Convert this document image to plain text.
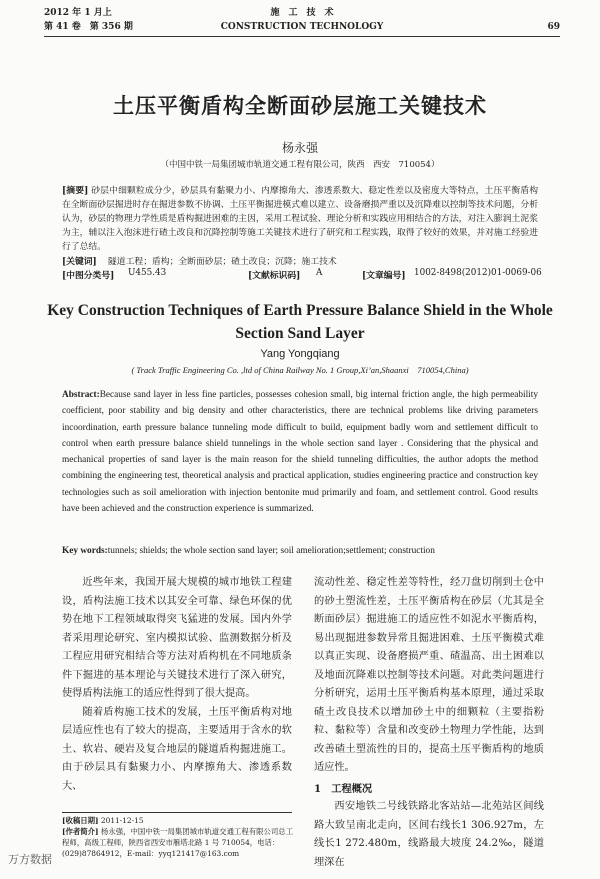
2012 年 1 月上	施　工　技　术
第 41 卷　第 356 期	CONSTRUCTION TECHNOLOGY	69
土压平衡盾构全断面砂层施工关键技术
杨永强
（中国中铁一局集团城市轨道交通工程有限公司，陕西　西安　710054）
[摘要] 砂层中细颗粒成分少，砂层具有黏聚力小、内摩擦角大、渗透系数大、稳定性差以及密度大等特点，土压平衡盾构在全断面砂层掘进时存在掘进参数不协调、土压平衡掘进模式难以建立、设备磨损严重以及沉降难以控制等技术问题，分析认为，砂层的物理力学性质是盾构掘进困难的主因，采用工程试验、理论分析和实践应用相结合的方法，对注入膨润土泥浆为主，辅以注入泡沫进行碴土改良和沉降控制等施工关键技术进行了研究和工程实践，取得了较好的效果，并对施工经验进行了总结。
[关键词] 隧道工程；盾构；全断面砂层；碴土改良；沉降；施工技术
[中图分类号] U455.43	[文献标识码] A	[文章编号] 1002-8498(2012)01-0069-06
Key Construction Techniques of Earth Pressure Balance Shield in the Whole Section Sand Layer
Yang Yongqiang
( Track Traffic Engineering Co. ,ltd of China Railway No. 1 Group,Xi’an,Shaanxi　710054,China)
Abstract:Because sand layer in less fine particles, possesses cohesion small, big internal friction angle, the high permeability coefficient, poor stability and big density and other characteristics, there are technical problems like driving parameters incoordination, earth pressure balance tunneling mode difficult to build, equipment badly worn and settlement difficult to control when earth pressure balance shield tunnelings in the whole section sand layer . Considering that the physical and mechanical properties of sand layer is the main reason for the shield tunneling difficulties, the author adopts the method combining the engineering test, theoretical analysis and practical application, studies engineering practice and construction key technologies such as soil amelioration with injection bentonite mud primarily and foam, and settlement control. Good results have been achieved and the construction experience is summarized.
Key words:tunnels; shields; the whole section sand layer; soil amelioration;settlement; construction

近些年来，我国开展大规模的城市地铁工程建设，盾构法施工技术以其安全可靠、绿色环保的优势在地下工程领域取得突飞猛进的发展。国内外学者采用理论研究、室内模拟试验、监测数据分析及工程应用研究相结合等方法对盾构机在不同地质条件下掘进的基本理论与关键技术进行了深入研究，使得盾构法施工的适应性得到了很大提高。

随着盾构施工技术的发展，土压平衡盾构对地层适应性也有了较大的提高，主要适用于含水的软土、软岩、硬岩及复合地层的隧道盾构掘进施工。由于砂层具有黏聚力小、内摩擦角大、渗透系数大、

流动性差、稳定性差等特性，经刀盘切削到土仓中的砂土塑流性差，土压平衡盾构在砂层（尤其是全断面砂层）掘进施工的适应性不如泥水平衡盾构，易出现掘进参数异常且掘进困难、土压平衡模式难以真正实现、设备磨损严重、碴温高、出土困难以及地面沉降难以控制等技术问题。对此类问题进行分析研究，运用土压平衡盾构基本原理，通过采取碴土改良技术以增加砂土中的细颗粒（主要指粉粒、黏粒等）含量和改变砂土物理力学性能，达到改善碴土塑流性的目的，提高土压平衡盾构的地质适应性。

1　工程概况

西安地铁二号线铁路北客站站—北苑站区间线路大致呈南北走向，区间右线长1 306.927m，左线长1 272.480m，线路最大坡度 24.2‰，隧道埋深在

[收稿日期] 2011-12-15
[作者简介] 杨永强，中国中铁一局集团城市轨道交通工程有限公司总工程师，高级工程师，陕西省西安市雁塔北路 1 号 710054，电话：(029)87864912，E-mail：yyq121417@163.com
万方数据
